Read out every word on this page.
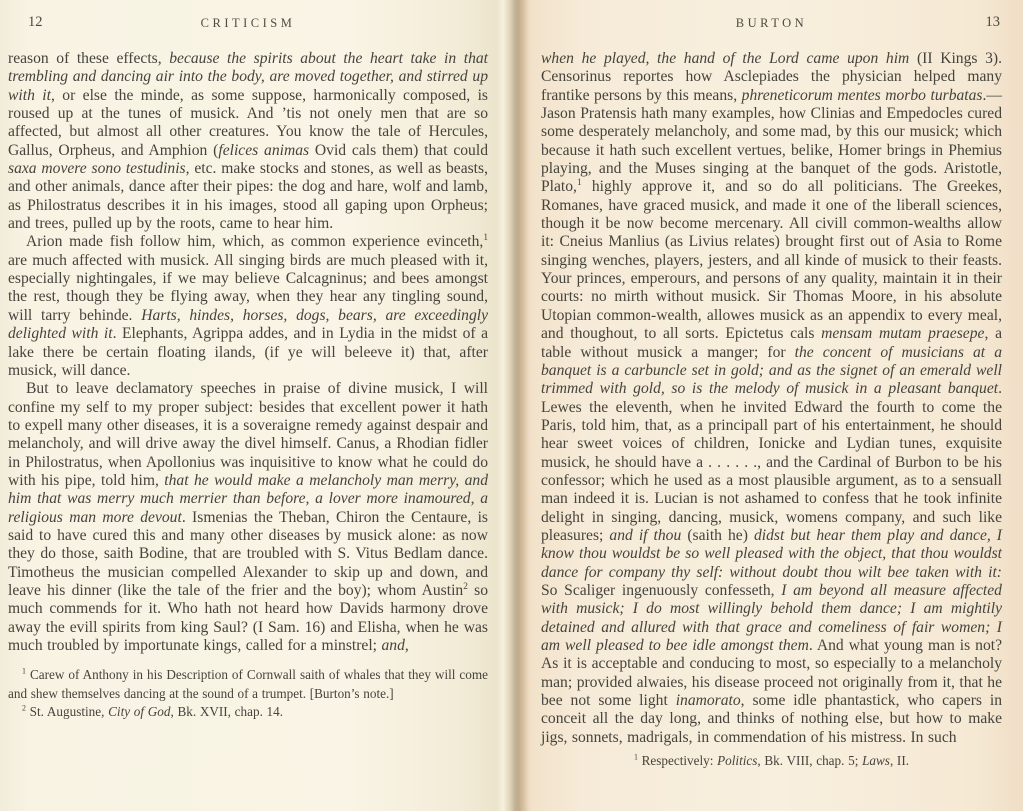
12	CRITICISM

reason of these effects, because the spirits about the heart take in that trembling and dancing air into the body, are moved together, and stirred up with it, or else the minde, as some suppose, harmonically composed, is roused up at the tunes of musick. And ’tis not onely men that are so affected, but almost all other creatures. You know the tale of Hercules, Gallus, Orpheus, and Amphion (felices animas Ovid cals them) that could saxa movere sono testudinis, etc. make stocks and stones, as well as beasts, and other animals, dance after their pipes: the dog and hare, wolf and lamb, as Philostratus describes it in his images, stood all gaping upon Orpheus; and trees, pulled up by the roots, came to hear him.

Arion made fish follow him, which, as common experience evinceth,$^1$ are much affected with musick. All singing birds are much pleased with it, especially nightingales, if we may believe Calcagninus; and bees amongst the rest, though they be flying away, when they hear any tingling sound, will tarry behinde. Harts, hindes, horses, dogs, bears, are exceedingly delighted with it. Elephants, Agrippa addes, and in Lydia in the midst of a lake there be certain floating ilands, (if ye will beleeve it) that, after musick, will dance.

But to leave declamatory speeches in praise of divine musick, I will confine my self to my proper subject: besides that excellent power it hath to expell many other diseases, it is a soveraigne remedy against despair and melancholy, and will drive away the divel himself. Canus, a Rhodian fidler in Philostratus, when Apollonius was inquisitive to know what he could do with his pipe, told him, that he would make a melancholy man merry, and him that was merry much merrier than before, a lover more inamoured, a religious man more devout. Ismenias the Theban, Chiron the Centaure, is said to have cured this and many other diseases by musick alone: as now they do those, saith Bodine, that are troubled with S. Vitus Bedlam dance. Timotheus the musician compelled Alexander to skip up and down, and leave his dinner (like the tale of the frier and the boy); whom Austin$^2$ so much commends for it. Who hath not heard how Davids harmony drove away the evill spirits from king Saul? (I Sam. 16) and Elisha, when he was much troubled by importunate kings, called for a minstrel; and,

$^1$ Carew of Anthony in his Description of Cornwall saith of whales that they will come and shew themselves dancing at the sound of a trumpet. [Burton’s note.]

$^2$ St. Augustine, City of God, Bk. XVII, chap. 14.

BURTON	13

when he played, the hand of the Lord came upon him (II Kings 3). Censorinus reportes how Asclepiades the physician helped many frantike persons by this means, phreneticorum mentes morbo turbatas.—Jason Pratensis hath many examples, how Clinias and Empedocles cured some desperately melancholy, and some mad, by this our musick; which because it hath such excellent vertues, belike, Homer brings in Phemius playing, and the Muses singing at the banquet of the gods. Aristotle, Plato,$^1$ highly approve it, and so do all politicians. The Greekes, Romanes, have graced musick, and made it one of the liberall sciences, though it be now become mercenary. All civill common-wealths allow it: Cneius Manlius (as Livius relates) brought first out of Asia to Rome singing wenches, players, jesters, and all kinde of musick to their feasts. Your princes, emperours, and persons of any quality, maintain it in their courts: no mirth without musick. Sir Thomas Moore, in his absolute Utopian common-wealth, allowes musick as an appendix to every meal, and thoughout, to all sorts. Epictetus cals mensam mutam praesepe, a table without musick a manger; for the concent of musicians at a banquet is a carbuncle set in gold; and as the signet of an emerald well trimmed with gold, so is the melody of musick in a pleasant banquet. Lewes the eleventh, when he invited Edward the fourth to come the Paris, told him, that, as a principall part of his entertainment, he should hear sweet voices of children, Ionicke and Lydian tunes, exquisite musick, he should have a . . . . . ., and the Cardinal of Burbon to be his confessor; which he used as a most plausible argument, as to a sensuall man indeed it is. Lucian is not ashamed to confess that he took infinite delight in singing, dancing, musick, womens company, and such like pleasures; and if thou (saith he) didst but hear them play and dance, I know thou wouldst be so well pleased with the object, that thou wouldst dance for company thy self: without doubt thou wilt bee taken with it: So Scaliger ingenuously confesseth, I am beyond all measure affected with musick; I do most willingly behold them dance; I am mightily detained and allured with that grace and comeliness of fair women; I am well pleased to bee idle amongst them. And what young man is not? As it is acceptable and conducing to most, so especially to a melancholy man; provided alwaies, his disease proceed not originally from it, that he bee not some light inamorato, some idle phantastick, who capers in conceit all the day long, and thinks of nothing else, but how to make jigs, sonnets, madrigals, in commendation of his mistress. In such

$^1$ Respectively: Politics, Bk. VIII, chap. 5; Laws, II.
